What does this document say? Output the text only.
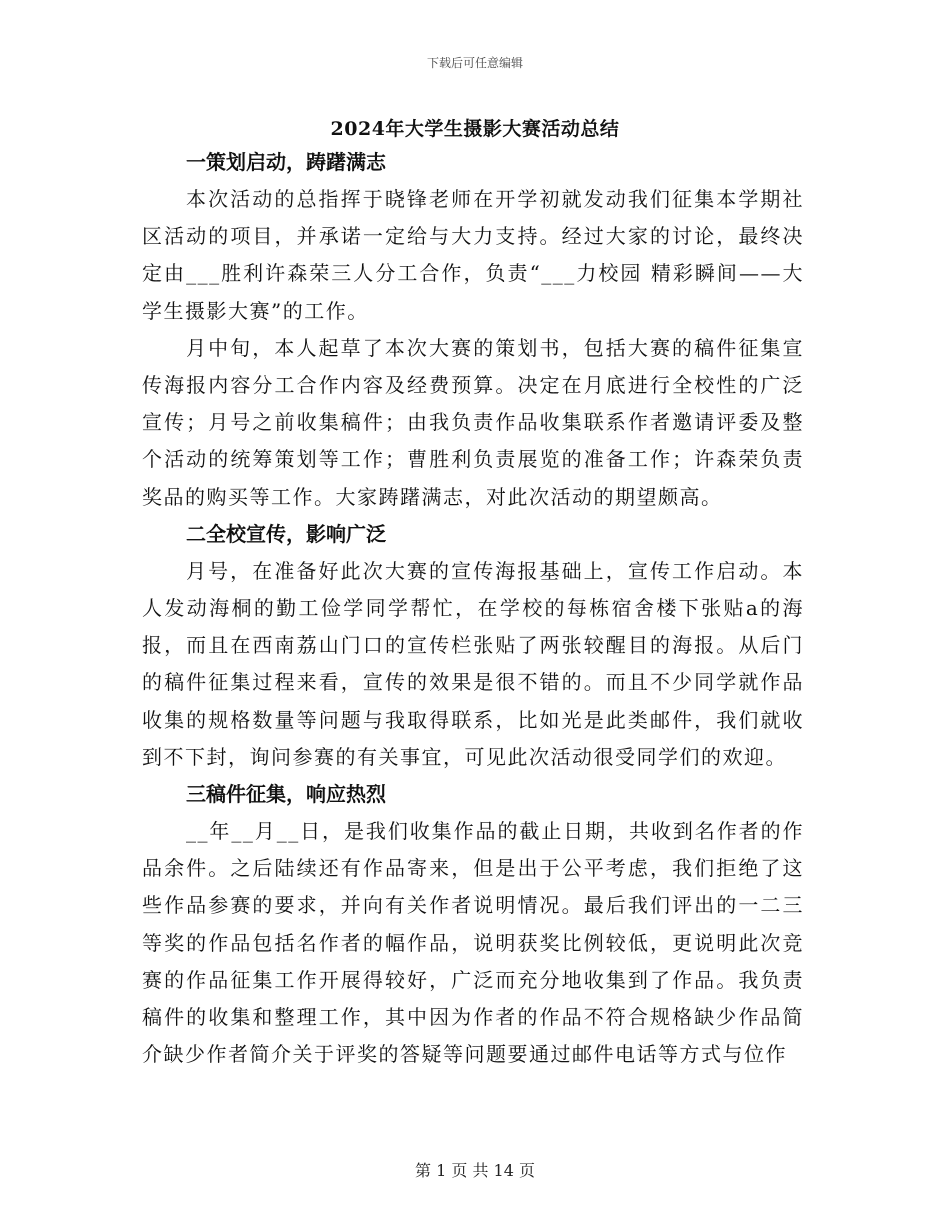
下载后可任意编辑
2024年大学生摄影大赛活动总结
一策划启动，踌躇满志

本次活动的总指挥于晓锋老师在开学初就发动我们征集本学期社区活动的项目，并承诺一定给与大力支持。经过大家的讨论，最终决定由___胜利许森荣三人分工合作，负责“___力校园 精彩瞬间——大学生摄影大赛”的工作。

月中旬，本人起草了本次大赛的策划书，包括大赛的稿件征集宣传海报内容分工合作内容及经费预算。决定在月底进行全校性的广泛宣传；月号之前收集稿件；由我负责作品收集联系作者邀请评委及整个活动的统筹策划等工作；曹胜利负责展览的准备工作；许森荣负责奖品的购买等工作。大家踌躇满志，对此次活动的期望颇高。

二全校宣传，影响广泛

月号，在准备好此次大赛的宣传海报基础上，宣传工作启动。本人发动海桐的勤工俭学同学帮忙，在学校的每栋宿舍楼下张贴a的海报，而且在西南荔山门口的宣传栏张贴了两张较醒目的海报。从后门的稿件征集过程来看，宣传的效果是很不错的。而且不少同学就作品收集的规格数量等问题与我取得联系，比如光是此类邮件，我们就收到不下封，询问参赛的有关事宜，可见此次活动很受同学们的欢迎。

三稿件征集，响应热烈

__年__月__日，是我们收集作品的截止日期，共收到名作者的作品余件。之后陆续还有作品寄来，但是出于公平考虑，我们拒绝了这些作品参赛的要求，并向有关作者说明情况。最后我们评出的一二三等奖的作品包括名作者的幅作品，说明获奖比例较低，更说明此次竞赛的作品征集工作开展得较好，广泛而充分地收集到了作品。我负责稿件的收集和整理工作，其中因为作者的作品不符合规格缺少作品简介缺少作者简介关于评奖的答疑等问题要通过邮件电话等方式与位作

第 1 页 共 14 页
